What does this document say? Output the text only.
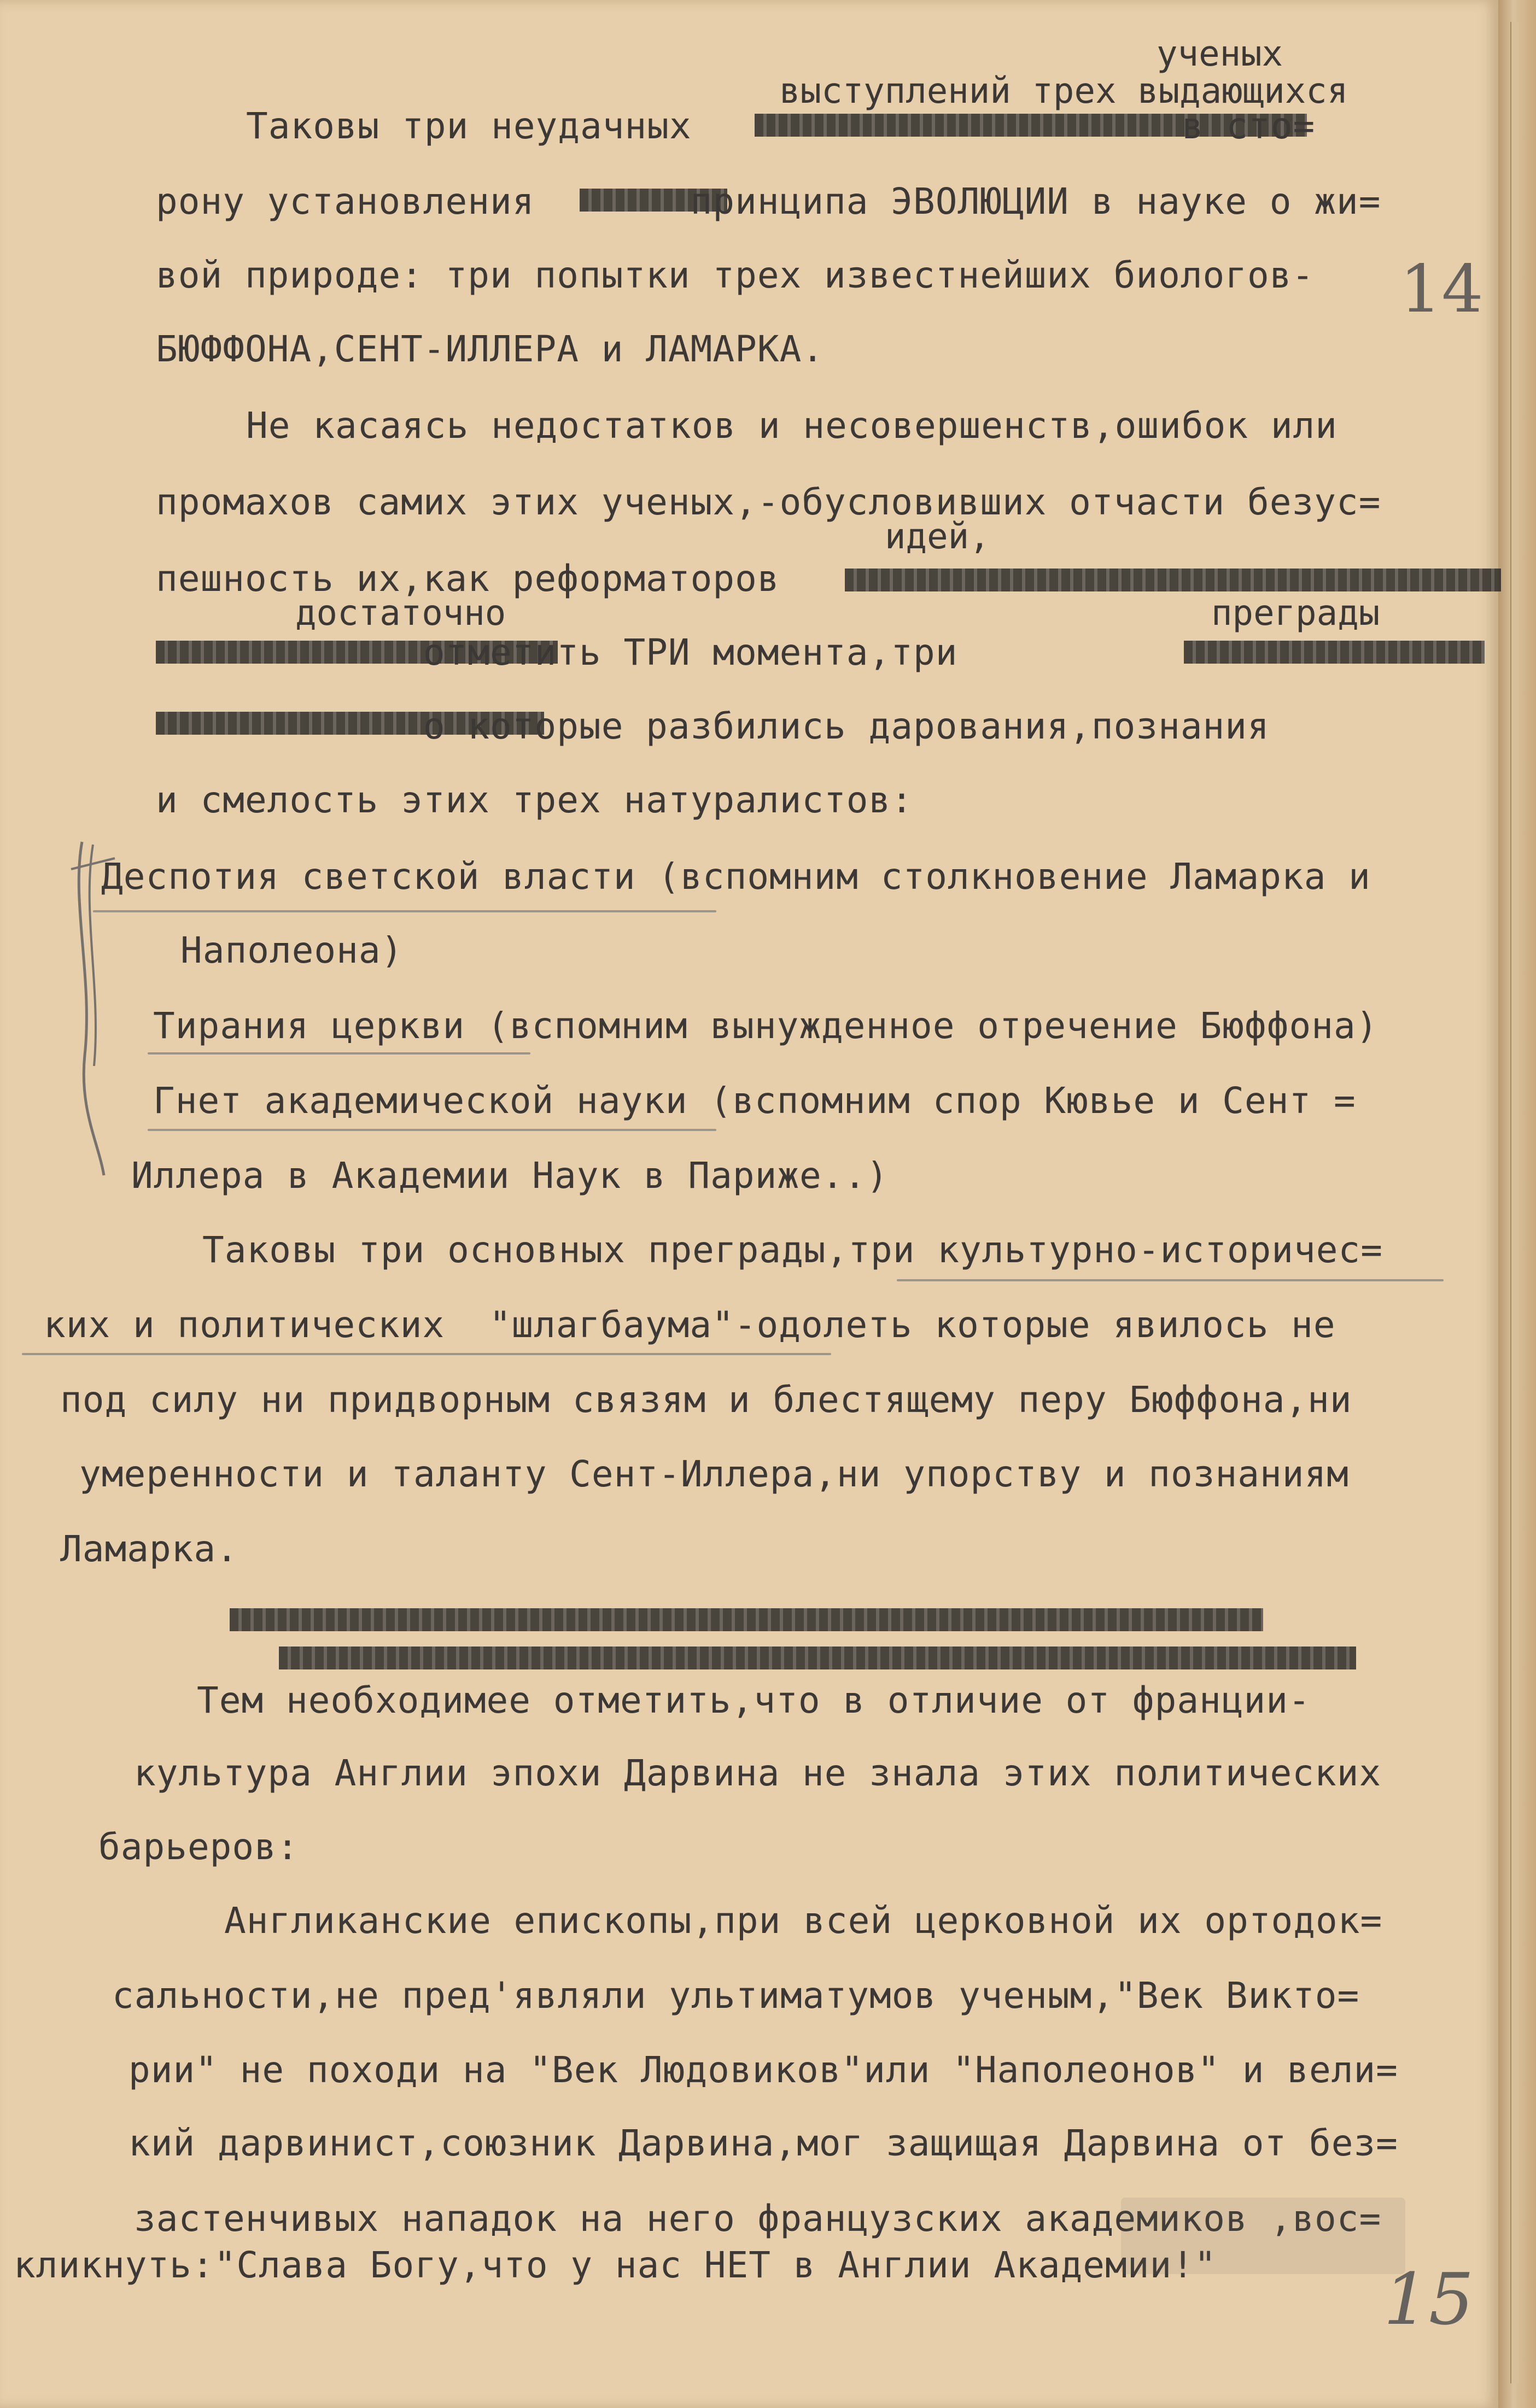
ученых
выступлений трех выдающихся
идей,
достаточно	преграды
Таковы три неудачных                      в сто=
рону установления       принципа ЭВОЛЮЦИИ в науке о жи=
вой природе: три попытки трех известнейших биологов-
БЮФФОНА,СЕНТ-ИЛЛЕРА и ЛАМАРКА.
Не касаясь недостатков и несовершенств,ошибок или
промахов самих этих ученых,-обусловивших отчасти безус=
пешность их,как реформаторов
отметить ТРИ момента,три
о которые разбились дарования,познания
и смелость этих трех натуралистов:
Деспотия светской власти (вспомним столкновение Ламарка и
Наполеона)
Тирания церкви (вспомним вынужденное отречение Бюффона)
Гнет академической науки (вспомним спор Кювье и Сент =
Иллера в Академии Наук в Париже..)
Таковы три основных преграды,три культурно-историчес=
ких и политических  "шлагбаума"-одолеть которые явилось не
под силу ни придворным связям и блестящему перу Бюффона,ни
умеренности и таланту Сент-Иллера,ни упорству и познаниям
Ламарка.
Тем необходимее отметить,что в отличие от франции-
культура Англии эпохи Дарвина не знала этих политических
барьеров:
Англиканские епископы,при всей церковной их ортодок=
сальности,не пред'являли ультиматумов ученым,"Век Викто=
рии" не походи на "Век Людовиков"или "Наполеонов" и вели=
кий дарвинист,союзник Дарвина,мог защищая Дарвина от без=
застенчивых нападок на него французских академиков ,вос=
кликнуть:"Слава Богу,что у нас НЕТ в Англии Академии!"
14
15
